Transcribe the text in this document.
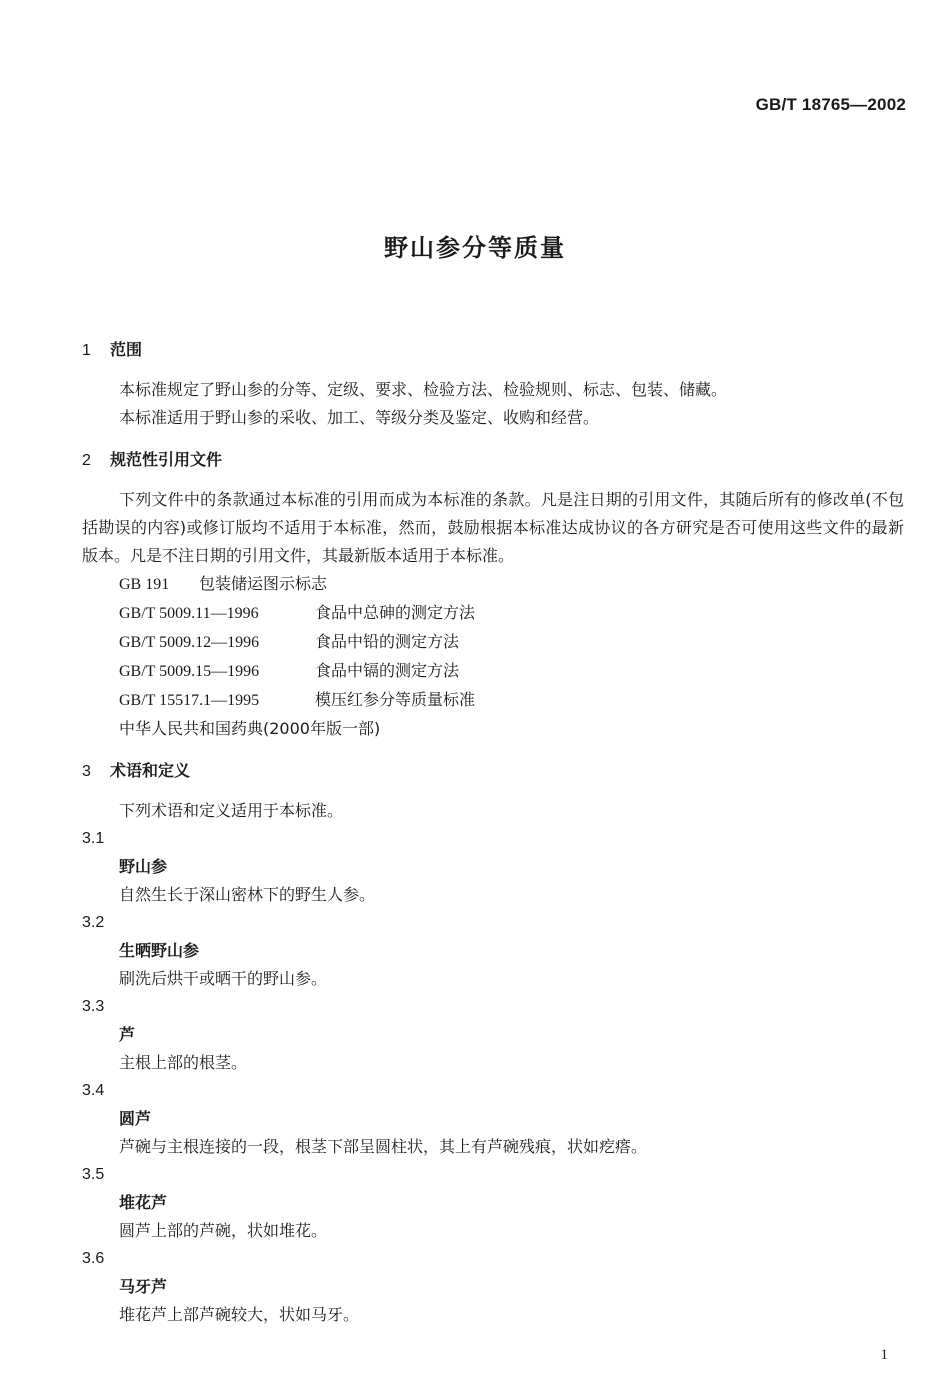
GB/T 18765—2002
野山参分等质量
1 范围
本标准规定了野山参的分等、定级、要求、检验方法、检验规则、标志、包装、储藏。
本标准适用于野山参的采收、加工、等级分类及鉴定、收购和经营。
2 规范性引用文件
下列文件中的条款通过本标准的引用而成为本标准的条款。凡是注日期的引用文件，其随后所有的修改单(不包括勘误的内容)或修订版均不适用于本标准，然而，鼓励根据本标准达成协议的各方研究是否可使用这些文件的最新版本。凡是不注日期的引用文件，其最新版本适用于本标准。
GB 191 包装储运图示标志
GB/T 5009.11—1996	食品中总砷的测定方法
GB/T 5009.12—1996	食品中铅的测定方法
GB/T 5009.15—1996	食品中镉的测定方法
GB/T 15517.1—1995	模压红参分等质量标准
中华人民共和国药典(2000年版一部)
3 术语和定义
下列术语和定义适用于本标准。
3.1
野山参
自然生长于深山密林下的野生人参。
3.2
生晒野山参
刷洗后烘干或晒干的野山参。
3.3
芦
主根上部的根茎。
3.4
圆芦
芦碗与主根连接的一段，根茎下部呈圆柱状，其上有芦碗残痕，状如疙瘩。
3.5
堆花芦
圆芦上部的芦碗，状如堆花。
3.6
马牙芦
堆花芦上部芦碗较大，状如马牙。
1
